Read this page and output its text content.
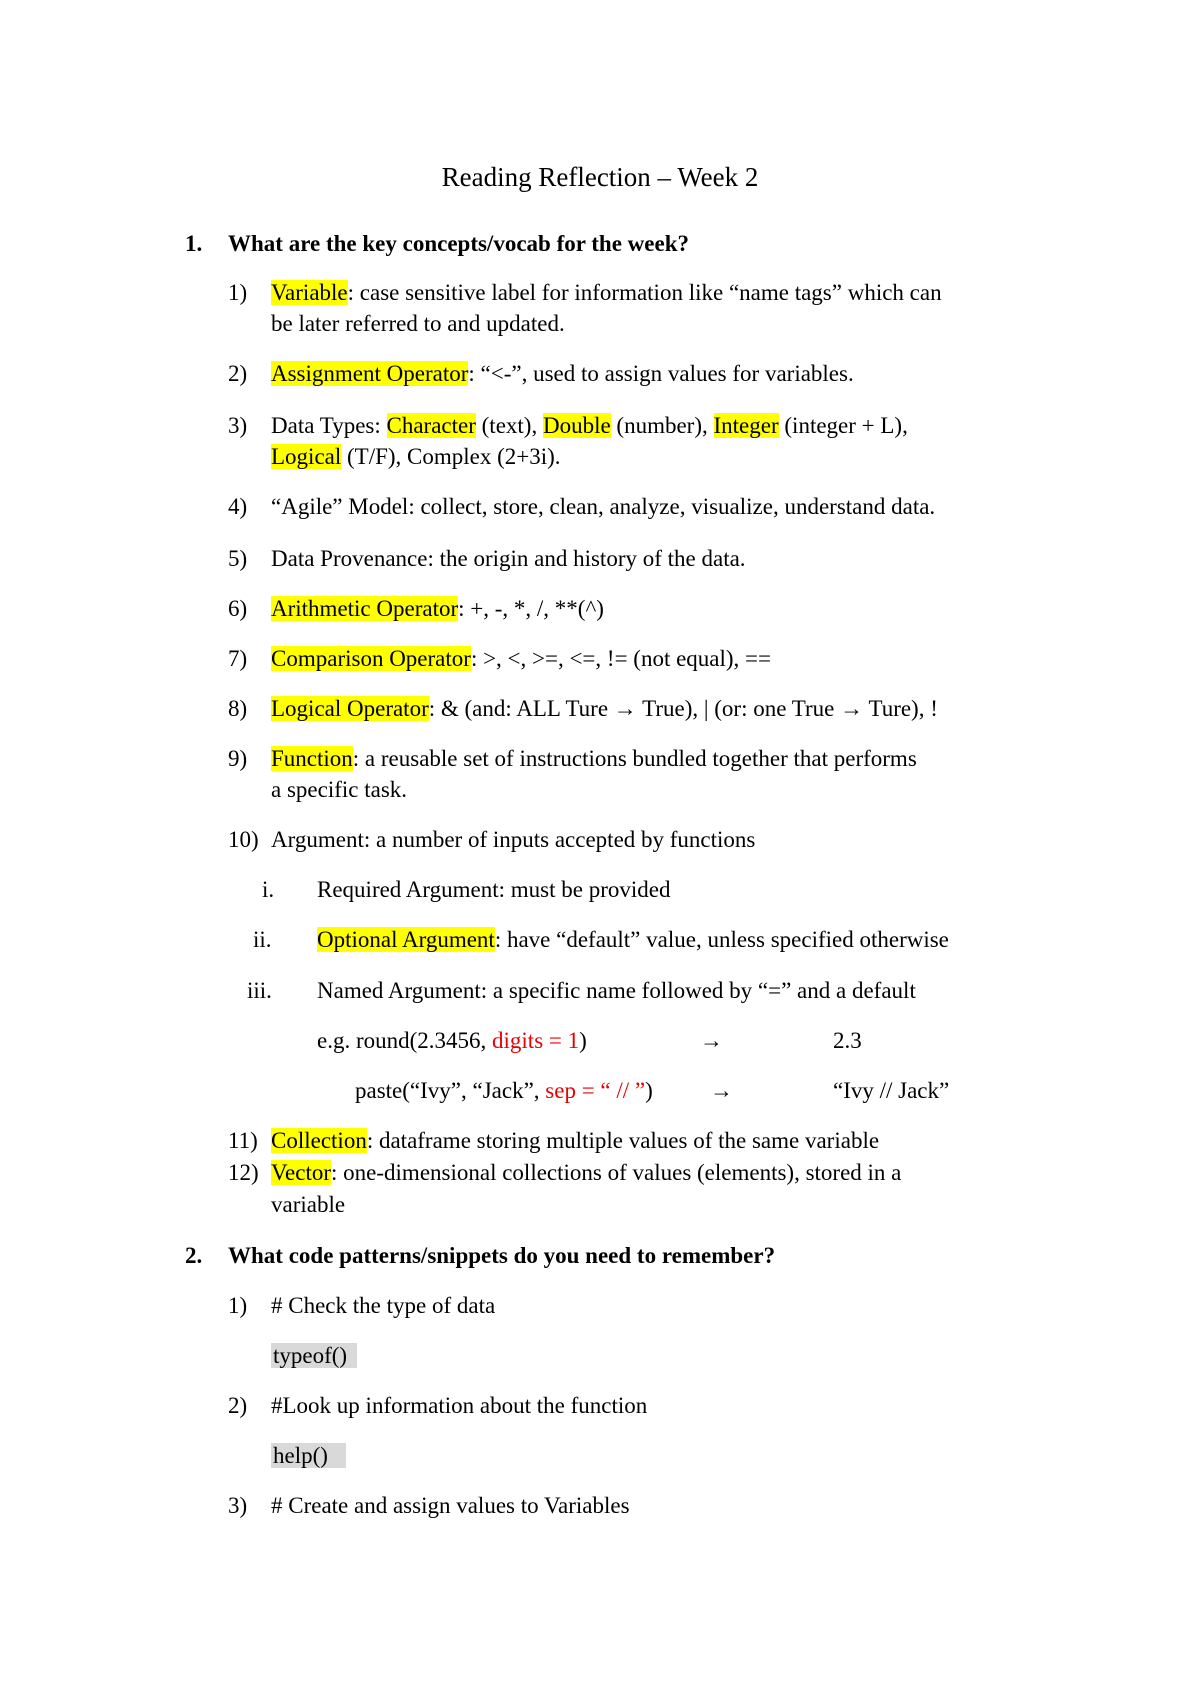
Reading Reflection – Week 2
1. What are the key concepts/vocab for the week?
1) Variable: case sensitive label for information like “name tags” which can
be later referred to and updated.
2) Assignment Operator: “<-”, used to assign values for variables.
3) Data Types: Character (text), Double (number), Integer (integer + L),
Logical (T/F), Complex (2+3i).
4) “Agile” Model: collect, store, clean, analyze, visualize, understand data.
5) Data Provenance: the origin and history of the data.
6) Arithmetic Operator: +, -, *, /, **(^)
7) Comparison Operator: >, <, >=, <=, != (not equal), ==
8) Logical Operator: & (and: ALL Ture → True), | (or: one True → Ture), !
9) Function: a reusable set of instructions bundled together that performs
a specific task.
10) Argument: a number of inputs accepted by functions
i. Required Argument: must be provided
ii. Optional Argument: have “default” value, unless specified otherwise
iii. Named Argument: a specific name followed by “=” and a default
e.g. round(2.3456, digits = 1)	→	2.3
paste(“Ivy”, “Jack”, sep = “ // ”) →	“Ivy // Jack”
11) Collection: dataframe storing multiple values of the same variable
12) Vector: one-dimensional collections of values (elements), stored in a
variable
2. What code patterns/snippets do you need to remember?
1) # Check the type of data
typeof()
2) #Look up information about the function
help()
3) # Create and assign values to Variables
